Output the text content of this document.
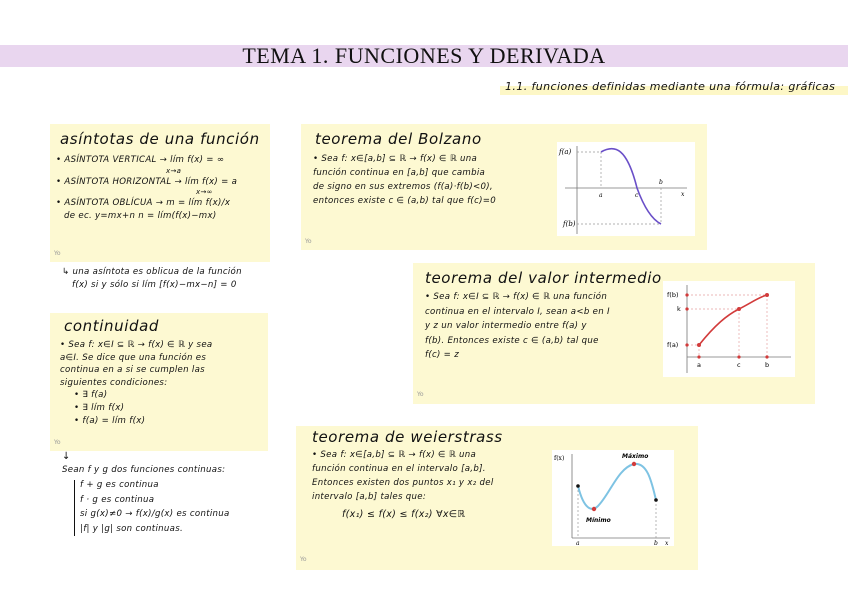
TEMA 1. FUNCIONES Y DERIVADA
1.1. funciones definidas mediante una fórmula: gráficas
asíntotas de una función
• ASÍNTOTA VERTICAL → lím f(x) = ∞
x→a
• ASÍNTOTA HORIZONTAL → lím f(x) = a
x→∞
• ASÍNTOTA OBLÍCUA → m = lím f(x)/x
de ec. y=mx+n n = lím(f(x)−mx)
Yo
↳ una asíntota es oblicua de la función
f(x) si y sólo si lím [f(x)−mx−n] = 0
continuidad
• Sea f: x∈I ⊆ ℝ → f(x) ∈ ℝ y sea
a∈I. Se dice que una función es
continua en a si se cumplen las
siguientes condiciones:
• ∃ f(a)
• ∃ lím f(x)
• f(a) = lím f(x)
Yo
↓
Sean f y g dos funciones continuas:
f + g es continua
f · g es continua
si g(x)≠0 → f(x)/g(x) es continua
|f| y |g| son continuas.
teorema del Bolzano
• Sea f: x∈[a,b] ⊆ ℝ → f(x) ∈ ℝ una
función continua en [a,b] que cambia
de signo en sus extremos (f(a)·f(b)<0),
entonces existe c ∈ (a,b) tal que f(c)=0
Yo
f(a)
f(b)
a	c
b
x
teorema del valor intermedio
• Sea f: x∈I ⊆ ℝ → f(x) ∈ ℝ una función
continua en el intervalo I, sean a<b en I
y z un valor intermedio entre f(a) y
f(b). Entonces existe c ∈ (a,b) tal que
f(c) = z
Yo
f(b)
k
f(a)
a	c	b
teorema de weierstrass
• Sea f: x∈[a,b] ⊆ ℝ → f(x) ∈ ℝ una
función continua en el intervalo [a,b].
Entonces existen dos puntos x₁ y x₂ del
intervalo [a,b] tales que:
f(x₁) ≤ f(x) ≤ f(x₂) ∀x∈ℝ
Yo
f(x)	Máximo
Mínimo
a	b x
